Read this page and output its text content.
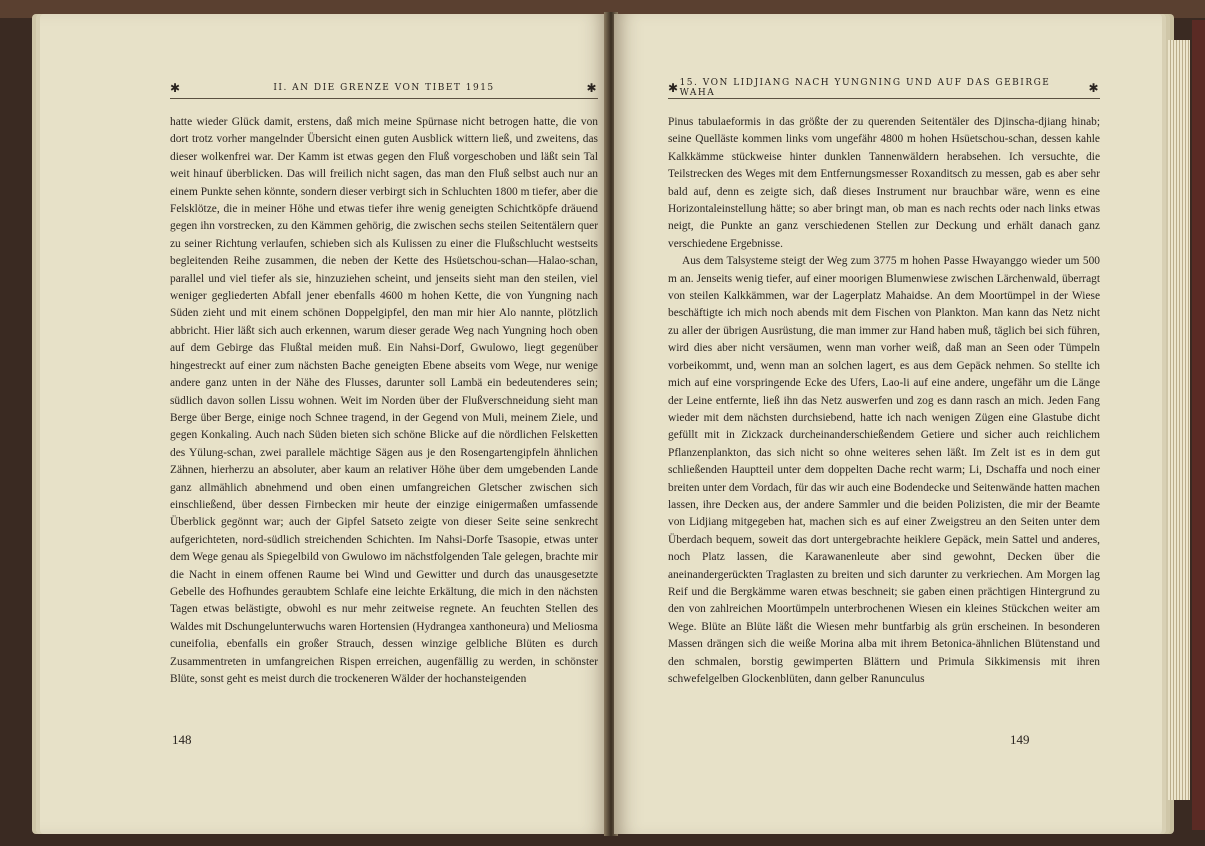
✱	II. AN DIE GRENZE VON TIBET 1915	✱

hatte wieder Glück damit, erstens, daß mich meine Spürnase nicht betrogen hatte, die von dort trotz vorher mangelnder Übersicht einen guten Ausblick wittern ließ, und zweitens, das dieser wolkenfrei war. Der Kamm ist etwas gegen den Fluß vorgeschoben und läßt sein Tal weit hinauf überblicken. Das will freilich nicht sagen, das man den Fluß selbst auch nur an einem Punkte sehen könnte, sondern dieser verbirgt sich in Schluchten 1800 m tiefer, aber die Felsklötze, die in meiner Höhe und etwas tiefer ihre wenig geneigten Schichtköpfe dräuend gegen ihn vorstrecken, zu den Kämmen gehörig, die zwischen sechs steilen Seitentälern quer zu seiner Richtung verlaufen, schieben sich als Kulissen zu einer die Flußschlucht westseits begleitenden Reihe zusammen, die neben der Kette des Hsüetschou-schan—Halao-schan, parallel und viel tiefer als sie, hinzuziehen scheint, und jenseits sieht man den steilen, viel weniger gegliederten Abfall jener ebenfalls 4600 m hohen Kette, die von Yungning nach Süden zieht und mit einem schönen Doppelgipfel, den man mir hier Alo nannte, plötzlich abbricht. Hier läßt sich auch erkennen, warum dieser gerade Weg nach Yungning hoch oben auf dem Gebirge das Flußtal meiden muß. Ein Nahsi-Dorf, Gwulowo, liegt gegenüber hingestreckt auf einer zum nächsten Bache geneigten Ebene abseits vom Wege, nur wenige andere ganz unten in der Nähe des Flusses, darunter soll Lambä ein bedeutenderes sein; südlich davon sollen Lissu wohnen. Weit im Norden über der Flußverschneidung sieht man Berge über Berge, einige noch Schnee tragend, in der Gegend von Muli, meinem Ziele, und gegen Konkaling. Auch nach Süden bieten sich schöne Blicke auf die nördlichen Felsketten des Yülung-schan, zwei parallele mächtige Sägen aus je den Rosengartengipfeln ähnlichen Zähnen, hierherzu an absoluter, aber kaum an relativer Höhe über dem umgebenden Lande ganz allmählich abnehmend und oben einen umfangreichen Gletscher zwischen sich einschließend, über dessen Firnbecken mir heute der einzige einigermaßen umfassende Überblick gegönnt war; auch der Gipfel Satseto zeigte von dieser Seite seine senkrecht aufgerichteten, nord-südlich streichenden Schichten. Im Nahsi-Dorfe Tsasopie, etwas unter dem Wege genau als Spiegelbild von Gwulowo im nächstfolgenden Tale gelegen, brachte mir die Nacht in einem offenen Raume bei Wind und Gewitter und durch das unausgesetzte Gebelle des Hofhundes geraubtem Schlafe eine leichte Erkältung, die mich in den nächsten Tagen etwas belästigte, obwohl es nur mehr zeitweise regnete. An feuchten Stellen des Waldes mit Dschungelunterwuchs waren Hortensien (Hydrangea xanthoneura) und Meliosma cuneifolia, ebenfalls ein großer Strauch, dessen winzige gelbliche Blüten es durch Zusammentreten in umfangreichen Rispen erreichen, augenfällig zu werden, in schönster Blüte, sonst geht es meist durch die trockeneren Wälder der hochansteigenden

148
✱ 15. VON LIDJIANG NACH YUNGNING UND AUF DAS GEBIRGE WAHA	✱

Pinus tabulaeformis in das größte der zu querenden Seitentäler des Djinscha-djiang hinab; seine Quelläste kommen links vom ungefähr 4800 m hohen Hsüetschou-schan, dessen kahle Kalkkämme stückweise hinter dunklen Tannenwäldern herabsehen. Ich versuchte, die Teilstrecken des Weges mit dem Entfernungsmesser Roxanditsch zu messen, gab es aber sehr bald auf, denn es zeigte sich, daß dieses Instrument nur brauchbar wäre, wenn es eine Horizontaleinstellung hätte; so aber bringt man, ob man es nach rechts oder nach links etwas neigt, die Punkte an ganz verschiedenen Stellen zur Deckung und erhält danach ganz verschiedene Ergebnisse.

Aus dem Talsysteme steigt der Weg zum 3775 m hohen Passe Hwayanggo wieder um 500 m an. Jenseits wenig tiefer, auf einer moorigen Blumenwiese zwischen Lärchenwald, überragt von steilen Kalkkämmen, war der Lagerplatz Mahaidse. An dem Moortümpel in der Wiese beschäftigte ich mich noch abends mit dem Fischen von Plankton. Man kann das Netz nicht zu aller der übrigen Ausrüstung, die man immer zur Hand haben muß, täglich bei sich führen, wird dies aber nicht versäumen, wenn man vorher weiß, daß man an Seen oder Tümpeln vorbeikommt, und, wenn man an solchen lagert, es aus dem Gepäck nehmen. So stellte ich mich auf eine vorspringende Ecke des Ufers, Lao-li auf eine andere, ungefähr um die Länge der Leine entfernte, ließ ihn das Netz auswerfen und zog es dann rasch an mich. Jeden Fang wieder mit dem nächsten durchsiebend, hatte ich nach wenigen Zügen eine Glastube dicht gefüllt mit in Zickzack durcheinanderschießendem Getiere und sicher auch reichlichem Pflanzenplankton, das sich nicht so ohne weiteres sehen läßt. Im Zelt ist es in dem gut schließenden Hauptteil unter dem doppelten Dache recht warm; Li, Dschaffa und noch einer breiten unter dem Vordach, für das wir auch eine Bodendecke und Seitenwände hatten machen lassen, ihre Decken aus, der andere Sammler und die beiden Polizisten, die mir der Beamte von Lidjiang mitgegeben hat, machen sich es auf einer Zweigstreu an den Seiten unter dem Überdach bequem, soweit das dort untergebrachte heiklere Gepäck, mein Sattel und anderes, noch Platz lassen, die Karawanenleute aber sind gewohnt, Decken über die aneinandergerückten Traglasten zu breiten und sich darunter zu verkriechen. Am Morgen lag Reif und die Bergkämme waren etwas beschneit; sie gaben einen prächtigen Hintergrund zu den von zahlreichen Moortümpeln unterbrochenen Wiesen ein kleines Stückchen weiter am Wege. Blüte an Blüte läßt die Wiesen mehr buntfarbig als grün erscheinen. In besonderen Massen drängen sich die weiße Morina alba mit ihrem Betonica-ähnlichen Blütenstand und den schmalen, borstig gewimperten Blättern und Primula Sikkimensis mit ihren schwefelgelben Glockenblüten, dann gelber Ranunculus

149
